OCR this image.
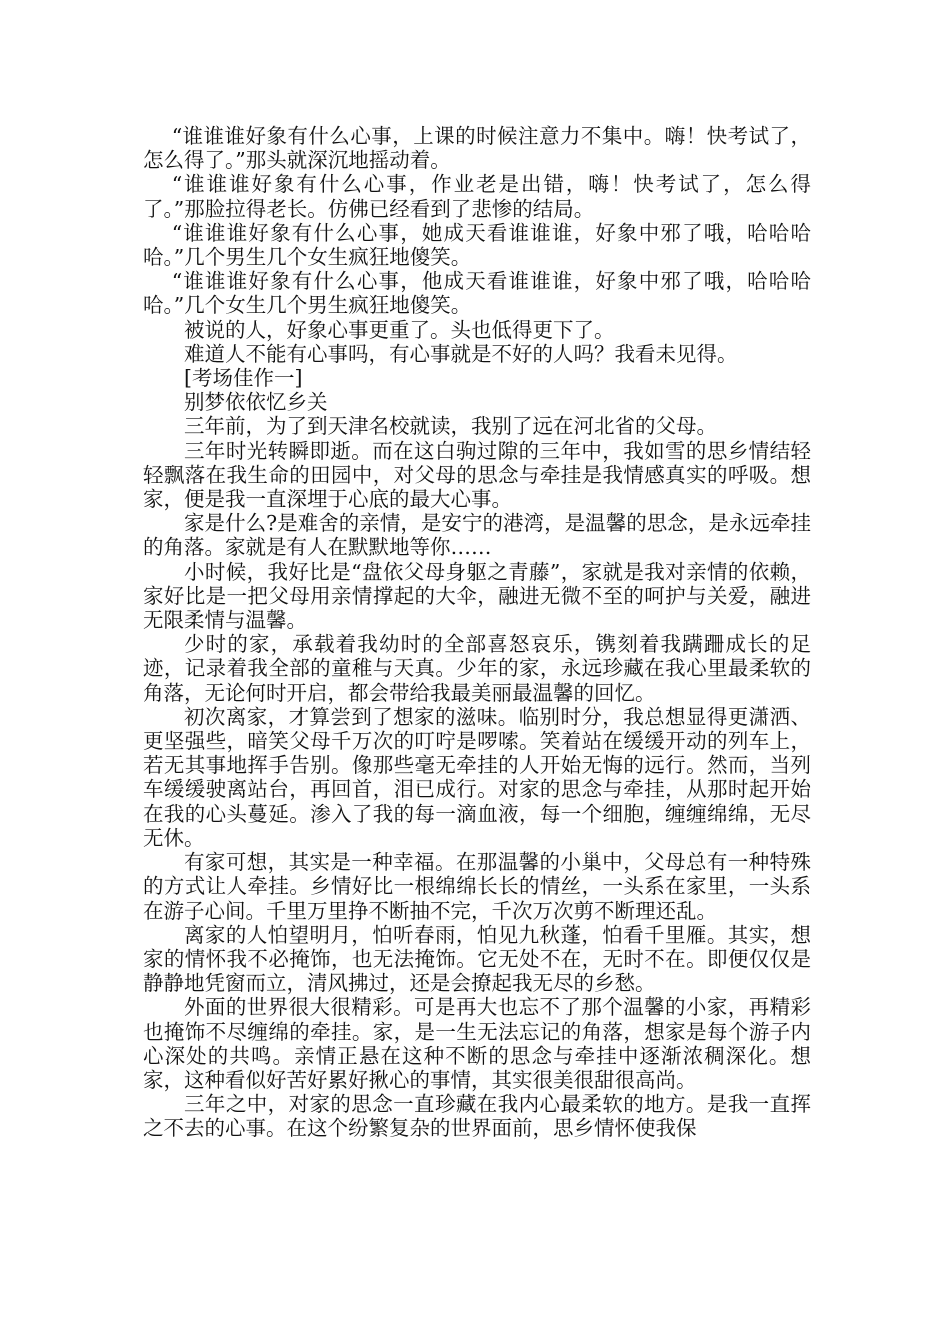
“谁谁谁好象有什么心事，上课的时候注意力不集中。嗨！快考试了，怎么得了。”那头就深沉地摇动着。

“谁谁谁好象有什么心事，作业老是出错，嗨！快考试了，怎么得了。”那脸拉得老长。仿佛已经看到了悲惨的结局。

“谁谁谁好象有什么心事，她成天看谁谁谁，好象中邪了哦，哈哈哈哈。”几个男生几个女生疯狂地傻笑。

“谁谁谁好象有什么心事，他成天看谁谁谁，好象中邪了哦，哈哈哈哈。”几个女生几个男生疯狂地傻笑。

被说的人，好象心事更重了。头也低得更下了。

难道人不能有心事吗，有心事就是不好的人吗？我看未见得。

[考场佳作一]

别梦依依忆乡关

三年前，为了到天津名校就读，我别了远在河北省的父母。

三年时光转瞬即逝。而在这白驹过隙的三年中，我如雪的思乡情结轻轻飘落在我生命的田园中，对父母的思念与牵挂是我情感真实的呼吸。想家，便是我一直深埋于心底的最大心事。

家是什么?是难舍的亲情，是安宁的港湾，是温馨的思念，是永远牵挂的角落。家就是有人在默默地等你……

小时候，我好比是“盘依父母身躯之青藤”，家就是我对亲情的依赖，家好比是一把父母用亲情撑起的大伞，融进无微不至的呵护与关爱，融进无限柔情与温馨。

少时的家，承载着我幼时的全部喜怒哀乐，镌刻着我蹒跚成长的足迹，记录着我全部的童稚与天真。少年的家，永远珍藏在我心里最柔软的角落，无论何时开启，都会带给我最美丽最温馨的回忆。

初次离家，才算尝到了想家的滋味。临别时分，我总想显得更潇洒、更坚强些，暗笑父母千万次的叮咛是啰嗦。笑着站在缓缓开动的列车上，若无其事地挥手告别。像那些毫无牵挂的人开始无悔的远行。然而，当列车缓缓驶离站台，再回首，泪已成行。对家的思念与牵挂，从那时起开始在我的心头蔓延。渗入了我的每一滴血液，每一个细胞，缠缠绵绵，无尽无休。

有家可想，其实是一种幸福。在那温馨的小巢中，父母总有一种特殊的方式让人牵挂。乡情好比一根绵绵长长的情丝，一头系在家里，一头系在游子心间。千里万里挣不断抽不完，千次万次剪不断理还乱。

离家的人怕望明月，怕听春雨，怕见九秋蓬，怕看千里雁。其实，想家的情怀我不必掩饰，也无法掩饰。它无处不在，无时不在。即便仅仅是静静地凭窗而立，清风拂过，还是会撩起我无尽的乡愁。

外面的世界很大很精彩。可是再大也忘不了那个温馨的小家，再精彩也掩饰不尽缠绵的牵挂。家，是一生无法忘记的角落，想家是每个游子内心深处的共鸣。亲情正悬在这种不断的思念与牵挂中逐渐浓稠深化。想家，这种看似好苦好累好揪心的事情，其实很美很甜很高尚。

三年之中，对家的思念一直珍藏在我内心最柔软的地方。是我一直挥之不去的心事。在这个纷繁复杂的世界面前，思乡情怀使我保
